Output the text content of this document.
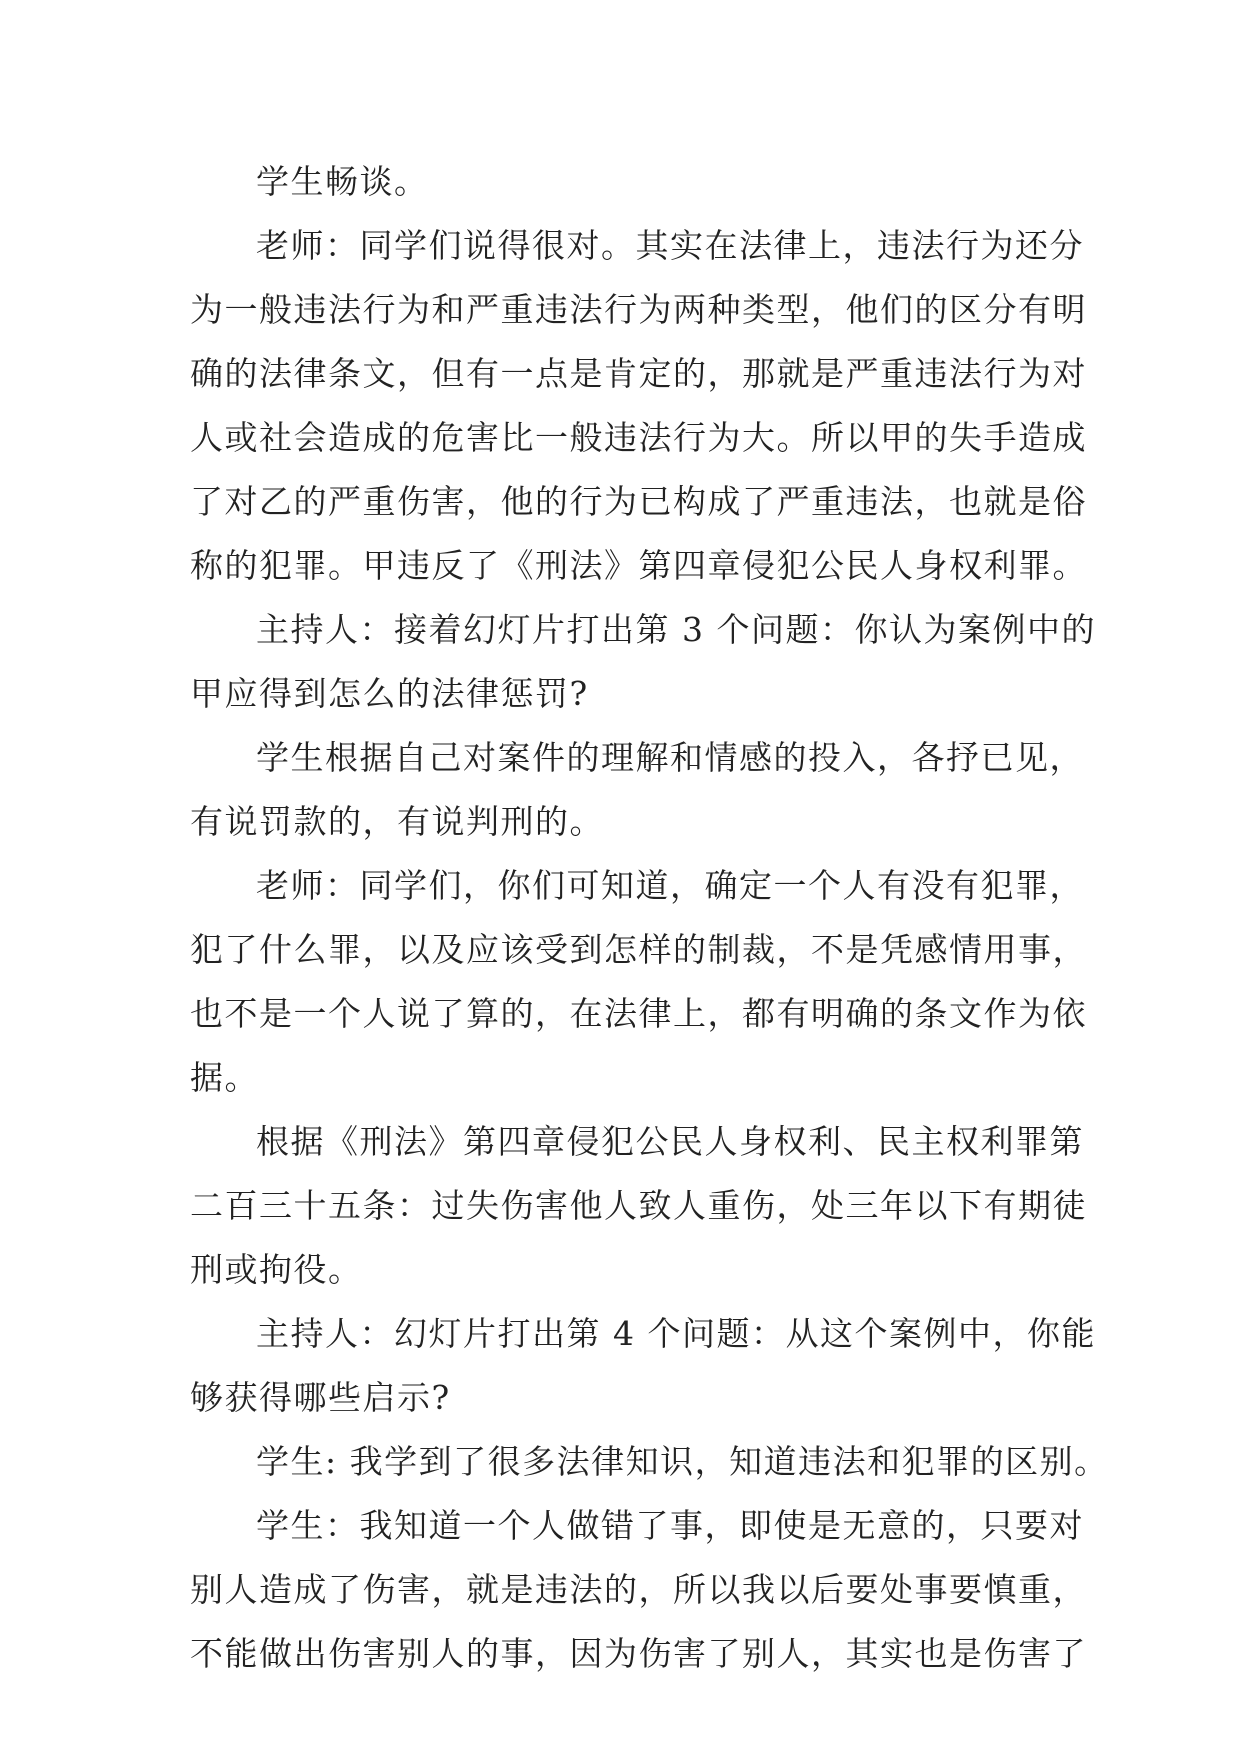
学生畅谈。
老师：同学们说得很对。其实在法律上，违法行为还分
为一般违法行为和严重违法行为两种类型，他们的区分有明
确的法律条文，但有一点是肯定的，那就是严重违法行为对
人或社会造成的危害比一般违法行为大。所以甲的失手造成
了对乙的严重伤害，他的行为已构成了严重违法，也就是俗
称的犯罪。甲违反了《刑法》第四章侵犯公民人身权利罪。
主持人：接着幻灯片打出第 3 个问题：你认为案例中的
甲应得到怎么的法律惩罚?
学生根据自己对案件的理解和情感的投入，各抒已见，
有说罚款的，有说判刑的。
老师：同学们，你们可知道，确定一个人有没有犯罪，
犯了什么罪，以及应该受到怎样的制裁，不是凭感情用事，
也不是一个人说了算的，在法律上，都有明确的条文作为依
据。
根据《刑法》第四章侵犯公民人身权利、民主权利罪第
二百三十五条：过失伤害他人致人重伤，处三年以下有期徒
刑或拘役。
主持人：幻灯片打出第 4 个问题：从这个案例中，你能
够获得哪些启示?
学生: 我学到了很多法律知识，知道违法和犯罪的区别。
学生：我知道一个人做错了事，即使是无意的，只要对
别人造成了伤害，就是违法的，所以我以后要处事要慎重，
不能做出伤害别人的事，因为伤害了别人，其实也是伤害了
